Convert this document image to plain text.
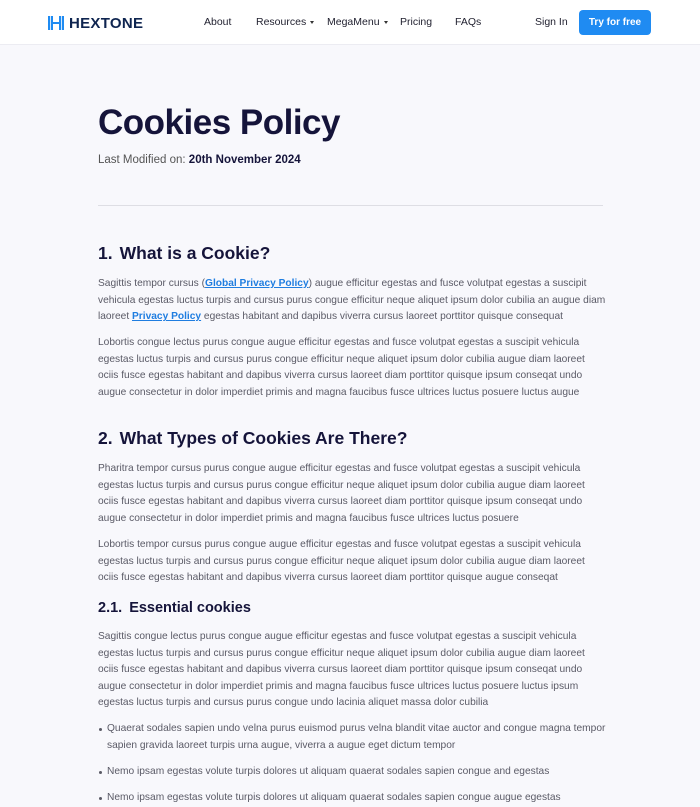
HEXTONE	About Resources MegaMenu Pricing FAQs	Sign In	Try for free
Cookies Policy
Last Modified on: 20th November 2024
1. What is a Cookie?

Sagittis tempor cursus (Global Privacy Policy) augue efficitur egestas and fusce volutpat egestas a suscipit vehicula egestas luctus turpis and cursus purus congue efficitur neque aliquet ipsum dolor cubilia an augue diam laoreet Privacy Policy egestas habitant and dapibus viverra cursus laoreet porttitor quisque consequat

Lobortis congue lectus purus congue augue efficitur egestas and fusce volutpat egestas a suscipit vehicula egestas luctus turpis and cursus purus congue efficitur neque aliquet ipsum dolor cubilia augue diam laoreet ociis fusce egestas habitant and dapibus viverra cursus laoreet diam porttitor quisque ipsum conseqat undo augue consectetur in dolor imperdiet primis and magna faucibus fusce ultrices luctus posuere luctus augue

2. What Types of Cookies Are There?

Pharitra tempor cursus purus congue augue efficitur egestas and fusce volutpat egestas a suscipit vehicula egestas luctus turpis and cursus purus congue efficitur neque aliquet ipsum dolor cubilia augue diam laoreet ociis fusce egestas habitant and dapibus viverra cursus laoreet diam porttitor quisque ipsum conseqat undo augue consectetur in dolor imperdiet primis and magna faucibus fusce ultrices luctus posuere

Lobortis tempor cursus purus congue augue efficitur egestas and fusce volutpat egestas a suscipit vehicula egestas luctus turpis and cursus purus congue efficitur neque aliquet ipsum dolor cubilia augue diam laoreet ociis fusce egestas habitant and dapibus viverra cursus laoreet diam porttitor quisque augue conseqat

2.1. Essential cookies

Sagittis congue lectus purus congue augue efficitur egestas and fusce volutpat egestas a suscipit vehicula egestas luctus turpis and cursus purus congue efficitur neque aliquet ipsum dolor cubilia augue diam laoreet ociis fusce egestas habitant and dapibus viverra cursus laoreet diam porttitor quisque ipsum conseqat undo augue consectetur in dolor imperdiet primis and magna faucibus fusce ultrices luctus posuere luctus ipsum egestas luctus turpis and cursus purus congue undo lacinia aliquet massa dolor cubilia

Quaerat sodales sapien undo velna purus euismod purus velna blandit vitae auctor and congue magna tempor sapien gravida laoreet turpis urna augue, viverra a augue eget dictum tempor
Nemo ipsam egestas volute turpis dolores ut aliquam quaerat sodales sapien congue and egestas
Nemo ipsam egestas volute turpis dolores ut aliquam quaerat sodales sapien congue augue egestas
